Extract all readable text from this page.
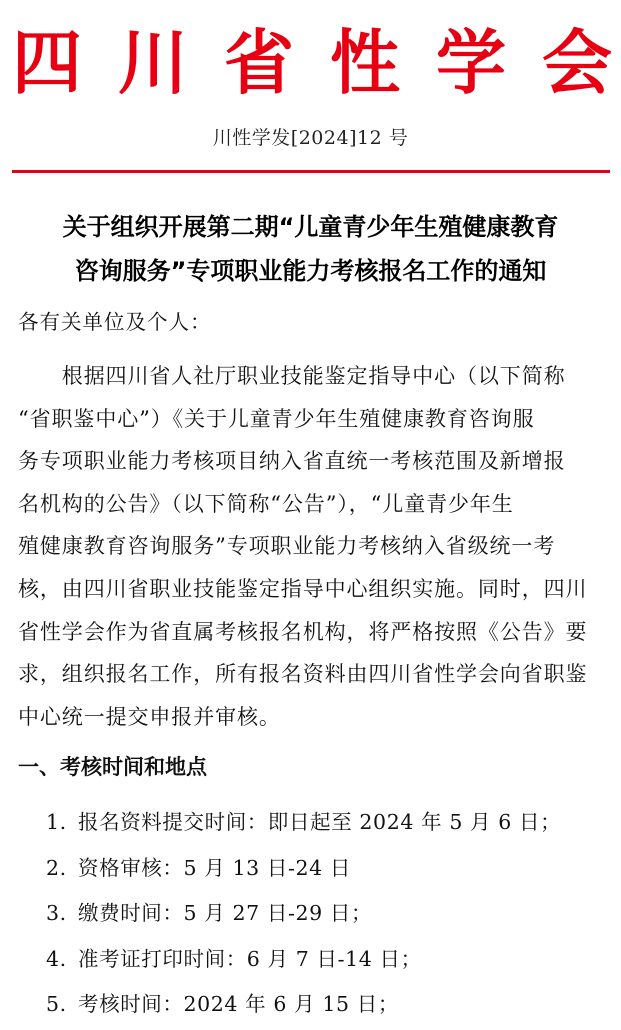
四 川 省 性 学 会
川性学发[2024]12 号
关于组织开展第二期“儿童青少年生殖健康教育
咨询服务”专项职业能力考核报名工作的通知
各有关单位及个人：
　　根据四川省人社厅职业技能鉴定指导中心（以下简称
“省职鉴中心”）《关于儿童青少年生殖健康教育咨询服
务专项职业能力考核项目纳入省直统一考核范围及新增报
名机构的公告》（以下简称“公告”），“儿童青少年生
殖健康教育咨询服务”专项职业能力考核纳入省级统一考
核，由四川省职业技能鉴定指导中心组织实施。同时，四川
省性学会作为省直属考核报名机构，将严格按照《公告》要
求，组织报名工作，所有报名资料由四川省性学会向省职鉴
中心统一提交申报并审核。
一、考核时间和地点
1. 报名资料提交时间：即日起至 2024 年 5 月 6 日；
2. 资格审核：5 月 13 日-24 日
3. 缴费时间：5 月 27 日-29 日；
4. 准考证打印时间：6 月 7 日-14 日；
5. 考核时间：2024 年 6 月 15 日；
